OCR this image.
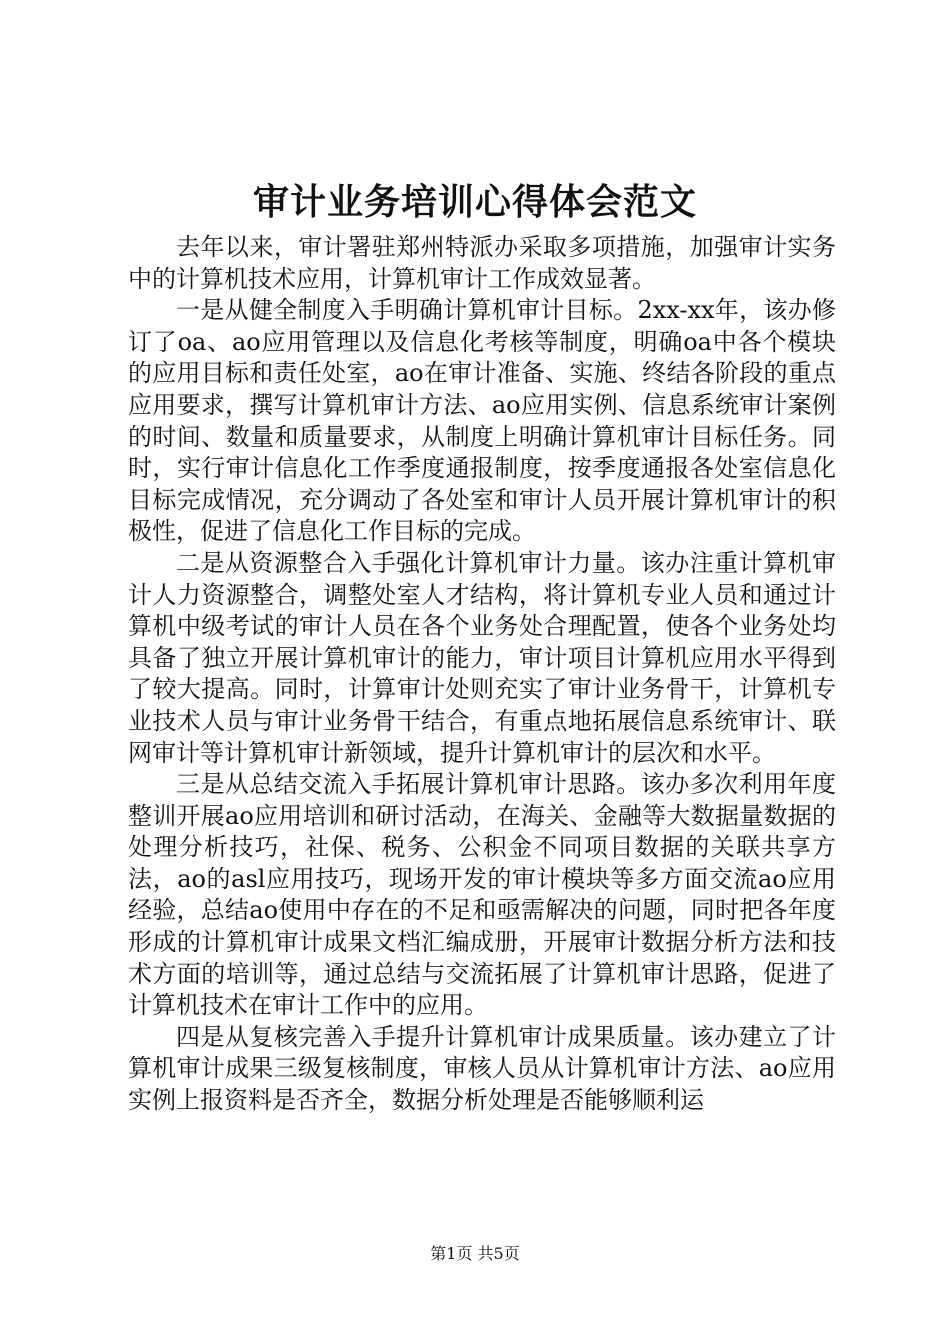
审计业务培训心得体会范文

去年以来，审计署驻郑州特派办采取多项措施，加强审计实务中的计算机技术应用，计算机审计工作成效显著。

一是从健全制度入手明确计算机审计目标。2xx-xx年，该办修订了oa、ao应用管理以及信息化考核等制度，明确oa中各个模块的应用目标和责任处室，ao在审计准备、实施、终结各阶段的重点应用要求，撰写计算机审计方法、ao应用实例、信息系统审计案例的时间、数量和质量要求，从制度上明确计算机审计目标任务。同时，实行审计信息化工作季度通报制度，按季度通报各处室信息化目标完成情况，充分调动了各处室和审计人员开展计算机审计的积极性，促进了信息化工作目标的完成。

二是从资源整合入手强化计算机审计力量。该办注重计算机审计人力资源整合，调整处室人才结构，将计算机专业人员和通过计算机中级考试的审计人员在各个业务处合理配置，使各个业务处均具备了独立开展计算机审计的能力，审计项目计算机应用水平得到了较大提高。同时，计算审计处则充实了审计业务骨干，计算机专业技术人员与审计业务骨干结合，有重点地拓展信息系统审计、联网审计等计算机审计新领域，提升计算机审计的层次和水平。

三是从总结交流入手拓展计算机审计思路。该办多次利用年度整训开展ao应用培训和研讨活动，在海关、金融等大数据量数据的处理分析技巧，社保、税务、公积金不同项目数据的关联共享方法，ao的asl应用技巧，现场开发的审计模块等多方面交流ao应用经验，总结ao使用中存在的不足和亟需解决的问题，同时把各年度形成的计算机审计成果文档汇编成册，开展审计数据分析方法和技术方面的培训等，通过总结与交流拓展了计算机审计思路，促进了计算机技术在审计工作中的应用。

四是从复核完善入手提升计算机审计成果质量。该办建立了计算机审计成果三级复核制度，审核人员从计算机审计方法、ao应用实例上报资料是否齐全，数据分析处理是否能够顺利运

第1页 共5页
